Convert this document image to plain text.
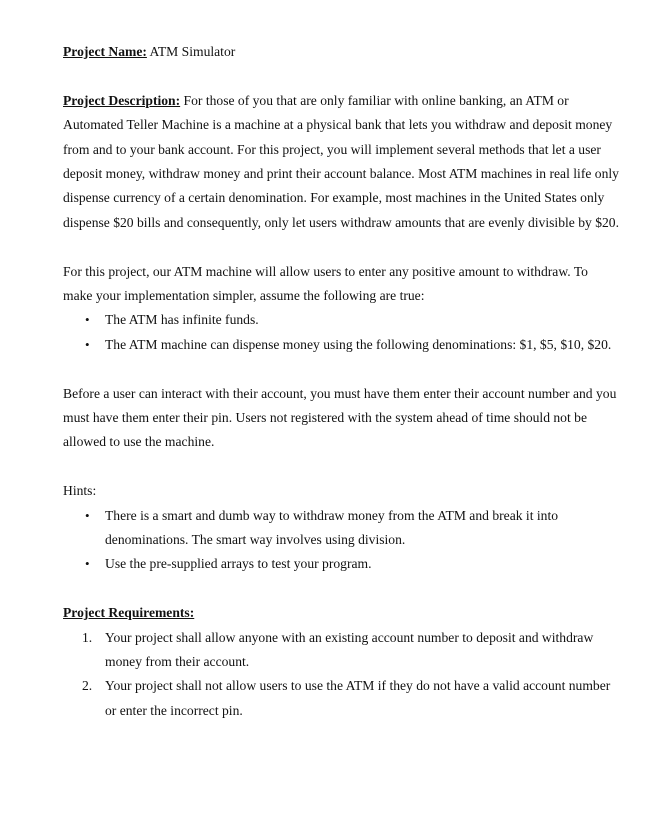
Project Name: ATM Simulator

Project Description: For those of you that are only familiar with online banking, an ATM or Automated Teller Machine is a machine at a physical bank that lets you withdraw and deposit money from and to your bank account. For this project, you will implement several methods that let a user deposit money, withdraw money and print their account balance. Most ATM machines in real life only dispense currency of a certain denomination. For example, most machines in the United States only dispense $20 bills and consequently, only let users withdraw amounts that are evenly divisible by $20.

For this project, our ATM machine will allow users to enter any positive amount to withdraw. To make your implementation simpler, assume the following are true:

• The ATM has infinite funds.
• The ATM machine can dispense money using the following denominations: $1, $5, $10, $20.

Before a user can interact with their account, you must have them enter their account number and you must have them enter their pin. Users not registered with the system ahead of time should not be allowed to use the machine.

Hints:

• There is a smart and dumb way to withdraw money from the ATM and break it into denominations. The smart way involves using division.
• Use the pre-supplied arrays to test your program.

Project Requirements:

1. Your project shall allow anyone with an existing account number to deposit and withdraw money from their account.
2. Your project shall not allow users to use the ATM if they do not have a valid account number or enter the incorrect pin.
